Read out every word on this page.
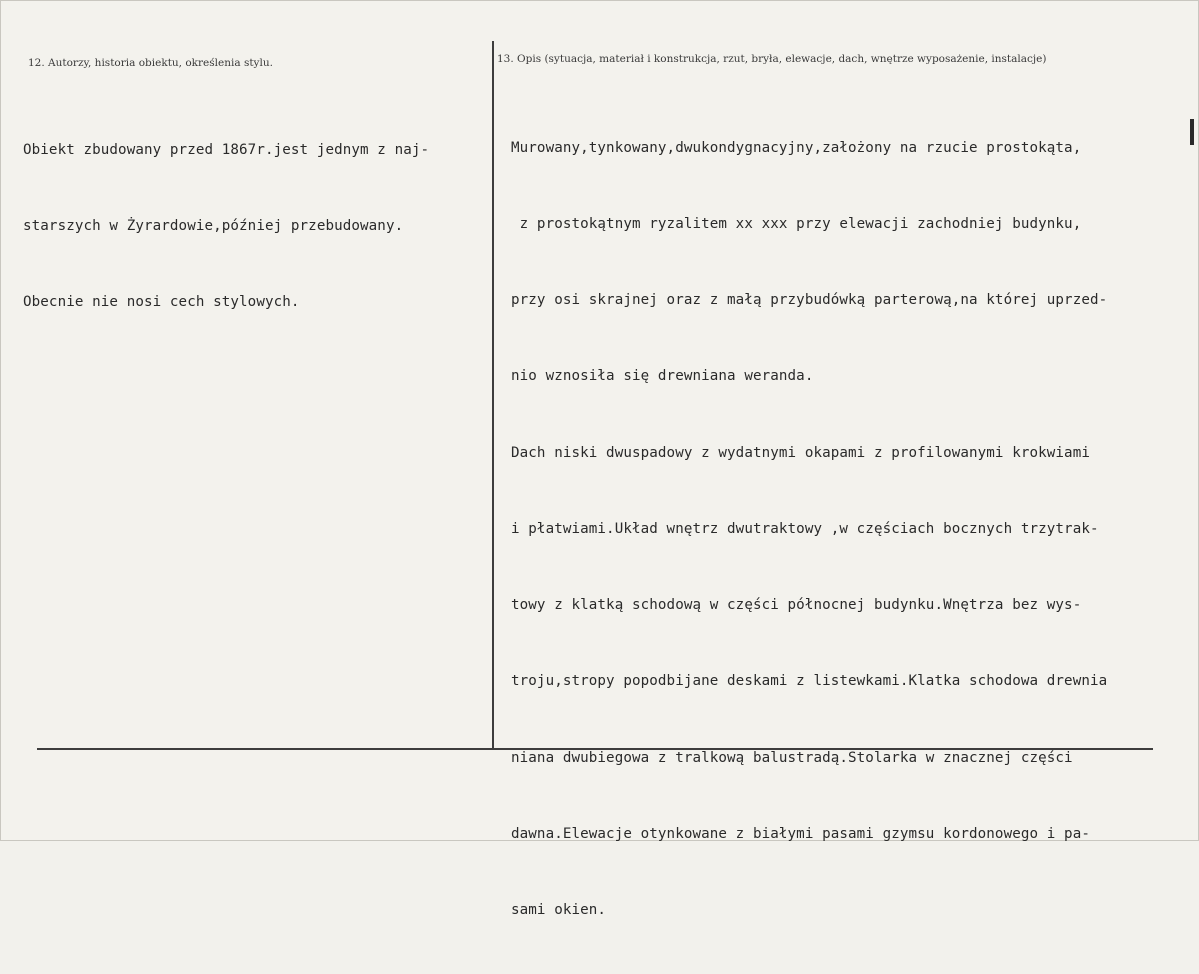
12. Autorzy, historia obiektu, określenia stylu.	13. Opis (sytuacja, materiał i konstrukcja, rzut, bryła, elewacje, dach, wnętrze wyposażenie, instalacje)

Obiekt zbudowany przed 1867r.jest jednym z naj-

starszych w Żyrardowie,później przebudowany.

Obecnie nie nosi cech stylowych.

Murowany,tynkowany,dwukondygnacyjny,założony na rzucie prostokąta,

z prostokątnym ryzalitem xx xxx przy elewacji zachodniej budynku,

przy osi skrajnej oraz z małą przybudówką parterową,na której uprzed-

nio wznosiła się drewniana weranda.

Dach niski dwuspadowy z wydatnymi okapami z profilowanymi krokwiami

i płatwiami.Układ wnętrz dwutraktowy ,w częściach bocznych trzytrak-

towy z klatką schodową w części północnej budynku.Wnętrza bez wys-

troju,stropy popodbijane deskami z listewkami.Klatka schodowa drewnia

niana dwubiegowa z tralkową balustradą.Stolarka w znacznej części

dawna.Elewacje otynkowane z białymi pasami gzymsu kordonowego i pa-

sami okien.
